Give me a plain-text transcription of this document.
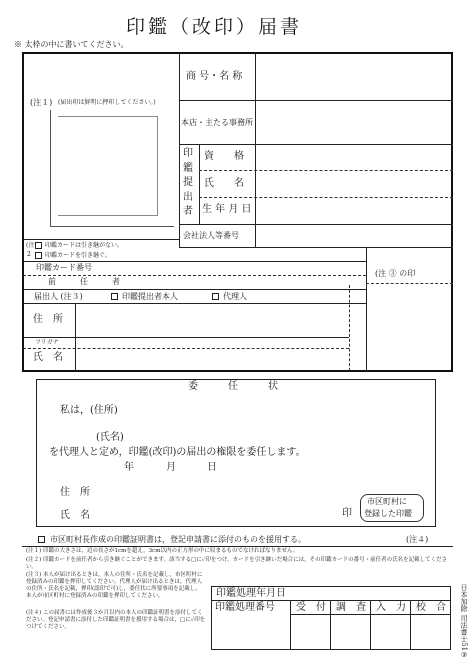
印鑑（改印）届書
※ 太枠の中に書いてください。
商 号・名 称
本店・主たる事務所
印
鑑
提
出
者
資　　格
氏　　名
生 年 月 日
会社法人等番号
(注１) (届出印は鮮明に押印してください。)
(注
2
印鑑カードは引き継がない。
印鑑カードを引き継ぐ。
印鑑カード番号
前　　　任　　　者
(注 ③ の印
届出人 (注３)	印鑑提出者本人	代理人
住　所
フリガナ
氏　名
委　　　任　　　状
私は，(住所)
(氏名)
を代理人と定め，印鑑(改印)の届出の権限を委任します。
年	月	日
住　所
氏　名	印
市区町村に
登録した印鑑
市区町村長作成の印鑑証明書は，登記申請書に添付のものを援用する。	(注４)
(注１) 印鑑の大きさは，辺の長さが1cmを超え，3cm以内の正方形の中に収まるものでなければなりません。
(注２) 印鑑カードを前任者から引き継ぐことができます。該当する□に✓印をつけ，カードを引き継いだ場合には，その印鑑カードの番号・前任者の氏名を記載してください。
(注３) 本人が届け出るときは，本人の住所・氏名を記載し，市区町村に登録済みの印鑑を押印してください。代理人が届け出るときは，代理人の住所・氏名を記載，押印(認印で可)し，委任状に所要事項を記載し，本人が市区町村に登録済みの印鑑を押印してください。
(注４) この届書には作成後３か月以内の本人の印鑑証明書を添付してください。登記申請書に添付した印鑑証明書を援用する場合は，□に✓印をつけてください。
印鑑処理年月日
印鑑処理番号 受　付 調　査 入　力 校　合 日本加除 司法書士51③
